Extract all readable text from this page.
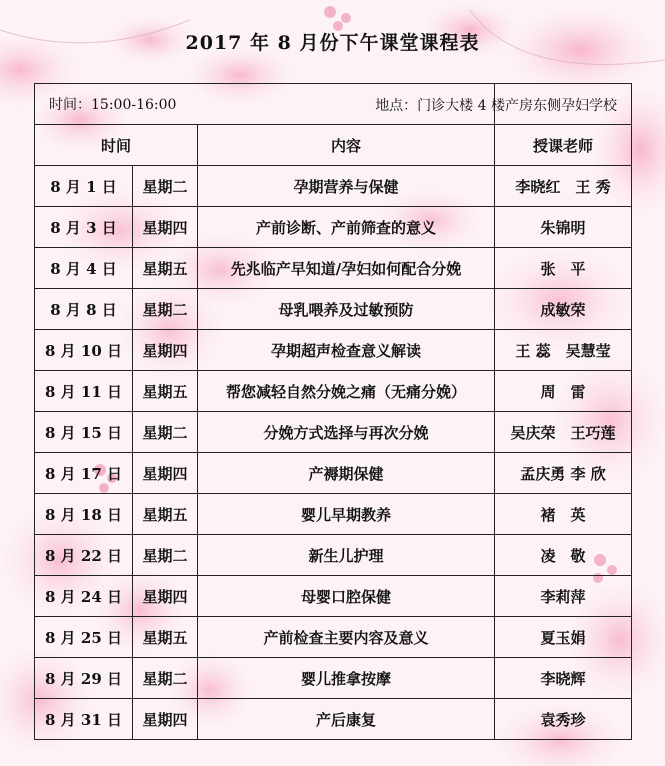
2017 年 8 月份下午课堂课程表
时间：15:00-16:00			
时间		内容	授课老师
8 月 1 日	星期二	孕期营养与保健	李晓红　王 秀
8 月 3 日	星期四	产前诊断、产前筛查的意义	朱锦明
8 月 4 日	星期五	先兆临产早知道/孕妇如何配合分娩	张　平
8 月 8 日	星期二	母乳喂养及过敏预防	成敏荣
8 月 10 日	星期四	孕期超声检查意义解读	王 蕊　吴慧莹
8 月 11 日	星期五	帮您减轻自然分娩之痛（无痛分娩）	周　雷
8 月 15 日	星期二	分娩方式选择与再次分娩	吴庆荣　王巧莲
8 月 17 日	星期四	产褥期保健	孟庆勇 李 欣
8 月 18 日	星期五	婴儿早期教养	褚　英
8 月 22 日	星期二	新生儿护理	凌　敬
8 月 24 日	星期四	母婴口腔保健	李莉萍
8 月 25 日	星期五	产前检查主要内容及意义	夏玉娟
8 月 29 日	星期二	婴儿推拿按摩	李晓辉
8 月 31 日	星期四	产后康复	袁秀珍
地点：门诊大楼 4 楼产房东侧孕妇学校
